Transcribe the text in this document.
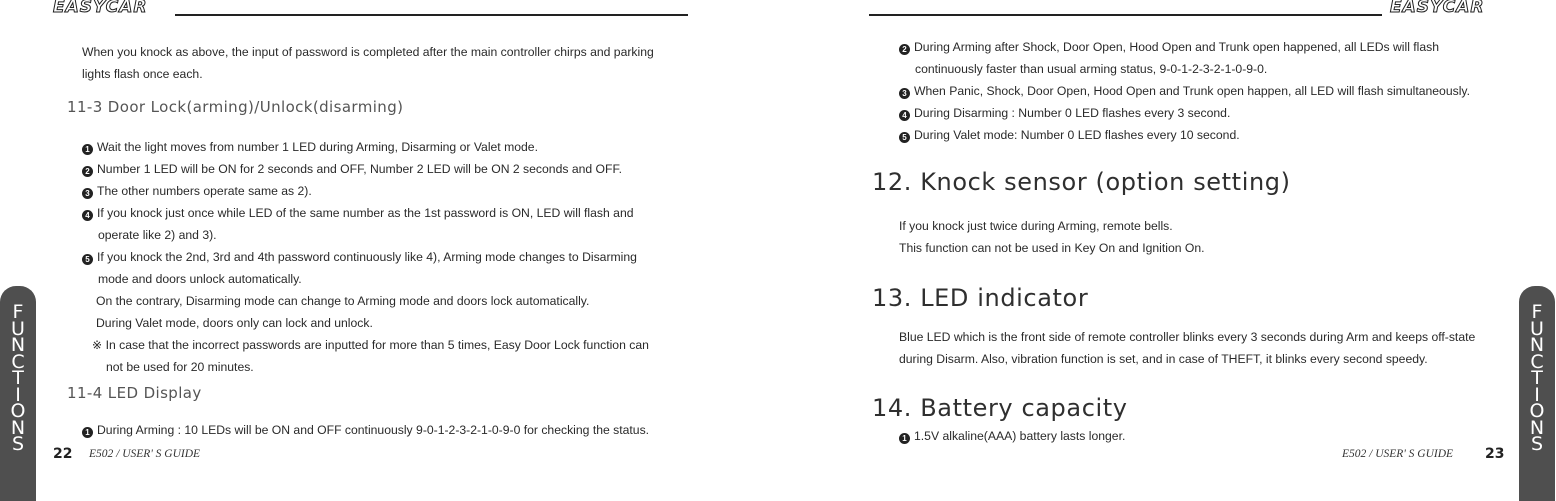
EASYCAR
When you knock as above, the input of password is completed after the main controller chirps and parking
lights flash once each.
11-3 Door Lock(arming)/Unlock(disarming)
1 Wait the light moves from number 1 LED during Arming, Disarming or Valet mode.
2 Number 1 LED will be ON for 2 seconds and OFF, Number 2 LED will be ON 2 seconds and OFF.
3 The other numbers operate same as 2).
4 If you knock just once while LED of the same number as the 1st password is ON, LED will flash and
operate like 2) and 3).
5 If you knock the 2nd, 3rd and 4th password continuously like 4), Arming mode changes to Disarming
mode and doors unlock automatically.
On the contrary, Disarming mode can change to Arming mode and doors lock automatically.
During Valet mode, doors only can lock and unlock.
※ In case that the incorrect passwords are inputted for more than 5 times, Easy Door Lock function can
not be used for 20 minutes.
11-4 LED Display
1 During Arming : 10 LEDs will be ON and OFF continuously 9-0-1-2-3-2-1-0-9-0 for checking the status.
22 E502 / USER' S GUIDE
F
U
N
C
T
I
O
N
S
EASYCAR
2 During Arming after Shock, Door Open, Hood Open and Trunk open happened, all LEDs will flash
continuously faster than usual arming status, 9-0-1-2-3-2-1-0-9-0.
3 When Panic, Shock, Door Open, Hood Open and Trunk open happen, all LED will flash simultaneously.
4 During Disarming : Number 0 LED flashes every 3 second.
5 During Valet mode: Number 0 LED flashes every 10 second.
12. Knock sensor (option setting)
If you knock just twice during Arming, remote bells.
This function can not be used in Key On and Ignition On.
13. LED indicator
Blue LED which is the front side of remote controller blinks every 3 seconds during Arm and keeps off-state
during Disarm. Also, vibration function is set, and in case of THEFT, it blinks every second speedy.
14. Battery capacity
1 1.5V alkaline(AAA) battery lasts longer.
E502 / USER' S GUIDE 23
F
U
N
C
T
I
O
N
S
